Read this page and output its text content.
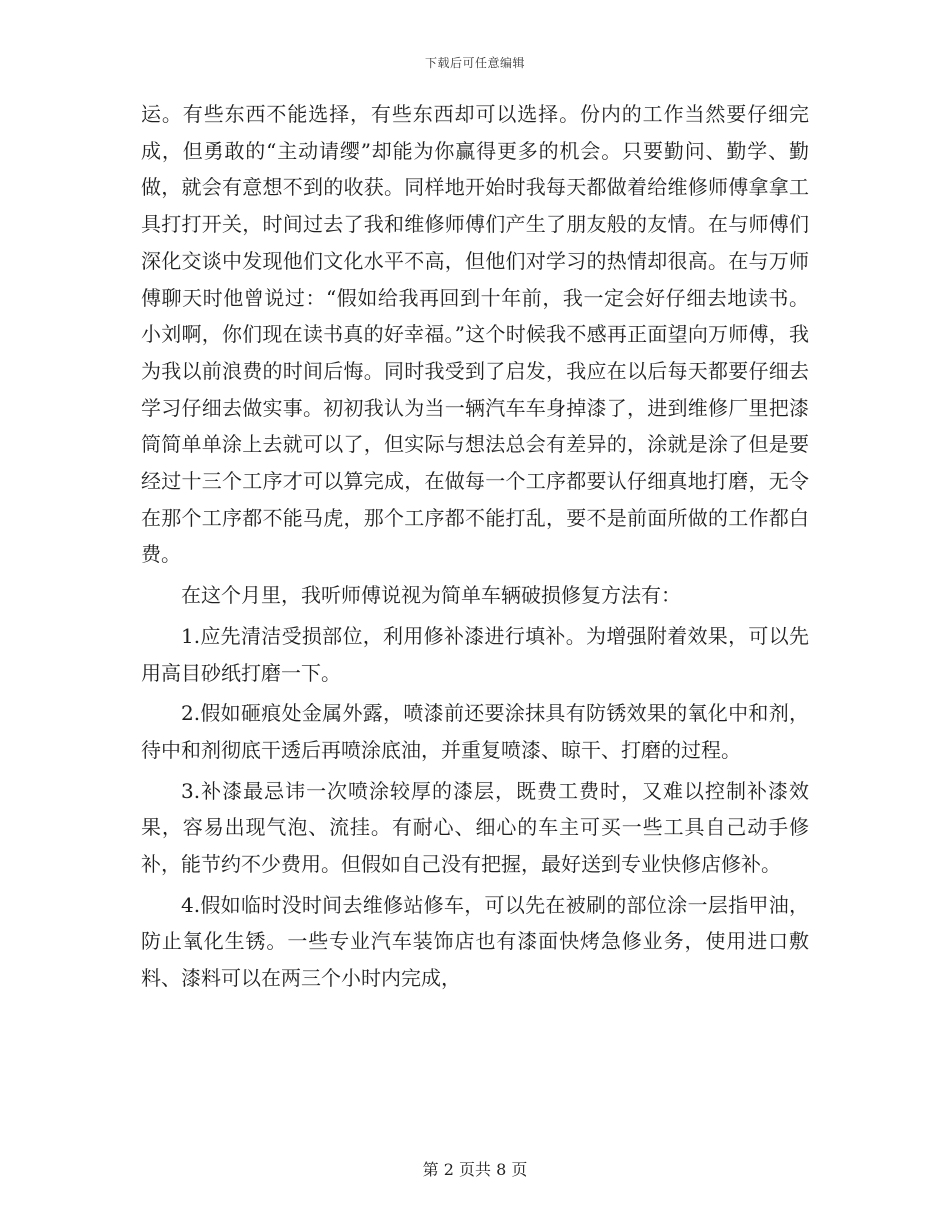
下载后可任意编辑

运。有些东西不能选择，有些东西却可以选择。份内的工作当然要仔细完成，但勇敢的“主动请缨”却能为你赢得更多的机会。只要勤问、勤学、勤做，就会有意想不到的收获。同样地开始时我每天都做着给维修师傅拿拿工具打打开关，时间过去了我和维修师傅们产生了朋友般的友情。在与师傅们深化交谈中发现他们文化水平不高，但他们对学习的热情却很高。在与万师傅聊天时他曾说过：“假如给我再回到十年前，我一定会好仔细去地读书。小刘啊，你们现在读书真的好幸福。”这个时候我不感再正面望向万师傅，我为我以前浪费的时间后悔。同时我受到了启发，我应在以后每天都要仔细去学习仔细去做实事。初初我认为当一辆汽车车身掉漆了，进到维修厂里把漆筒简单单涂上去就可以了，但实际与想法总会有差异的，涂就是涂了但是要经过十三个工序才可以算完成，在做每一个工序都要认仔细真地打磨，无令在那个工序都不能马虎，那个工序都不能打乱，要不是前面所做的工作都白费。

在这个月里，我听师傅说视为简单车辆破损修复方法有：

1.应先清洁受损部位，利用修补漆进行填补。为增强附着效果，可以先用高目砂纸打磨一下。

2.假如砸痕处金属外露，喷漆前还要涂抹具有防锈效果的氧化中和剂，待中和剂彻底干透后再喷涂底油，并重复喷漆、晾干、打磨的过程。

3.补漆最忌讳一次喷涂较厚的漆层，既费工费时，又难以控制补漆效果，容易出现气泡、流挂。有耐心、细心的车主可买一些工具自己动手修补，能节约不少费用。但假如自己没有把握，最好送到专业快修店修补。

4.假如临时没时间去维修站修车，可以先在被刷的部位涂一层指甲油，防止氧化生锈。一些专业汽车装饰店也有漆面快烤急修业务，使用进口敷料、漆料可以在两三个小时内完成，

第 2 页共 8 页
